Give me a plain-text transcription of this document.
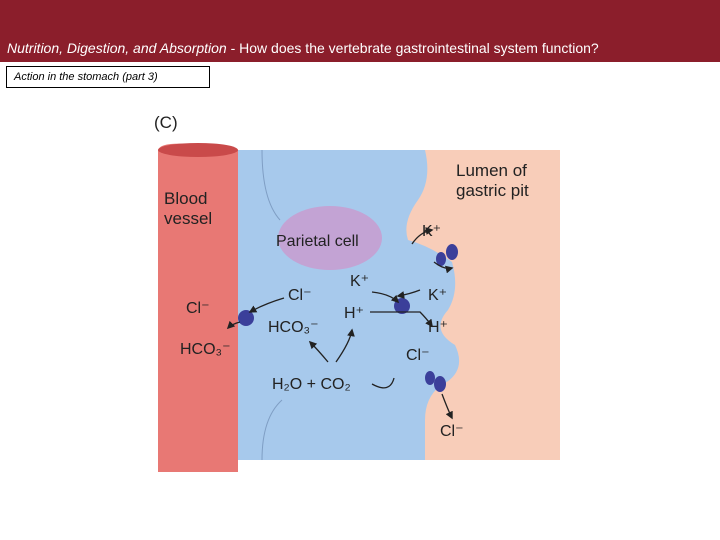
Nutrition, Digestion, and Absorption - How does the vertebrate gastrointestinal system function?
Action in the stomach (part 3)
(C)
Blood
vessel
Lumen of
gastric pit
Parietal cell
Cl⁻
HCO₃⁻
Cl⁻
HCO₃⁻
K⁺
H⁺
H₂O + CO₂
K⁺
K⁺
H⁺
Cl⁻
Cl⁻
